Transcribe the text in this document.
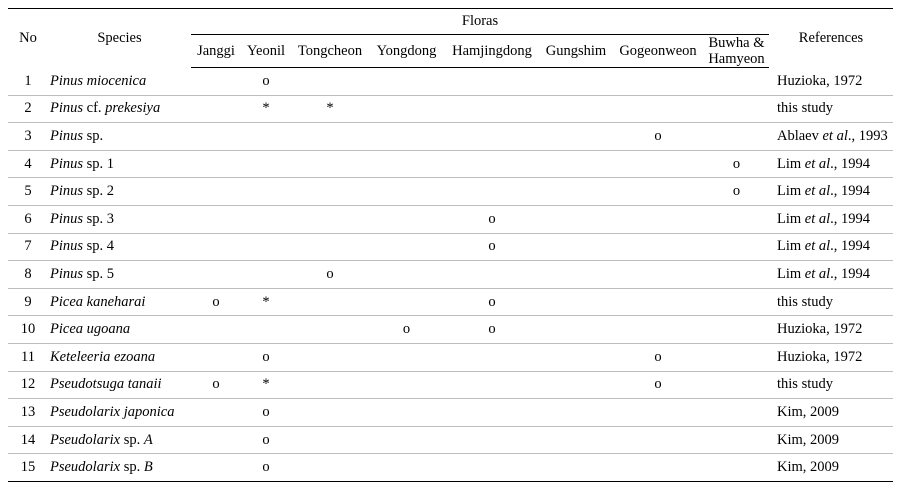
No	Species	Floras								References
		Janggi	Yeonil	Tongcheon	Yongdong	Hamjingdong	Gungshim	Gogeonweon	Buwha &
Hamyeon	
1	Pinus miocenica		o							Huzioka, 1972
2	Pinus cf. prekesiya		*	*						this study
3	Pinus sp.							o		Ablaev et al., 1993
4	Pinus sp. 1								o	Lim et al., 1994
5	Pinus sp. 2								o	Lim et al., 1994
6	Pinus sp. 3					o				Lim et al., 1994
7	Pinus sp. 4					o				Lim et al., 1994
8	Pinus sp. 5			o						Lim et al., 1994
9	Picea kaneharai	o	*			o				this study
10	Picea ugoana				o	o				Huzioka, 1972
11	Keteleeria ezoana		o					o		Huzioka, 1972
12	Pseudotsuga tanaii	o	*					o		this study
13	Pseudolarix japonica		o							Kim, 2009
14	Pseudolarix sp. A		o							Kim, 2009
15	Pseudolarix sp. B		o							Kim, 2009
